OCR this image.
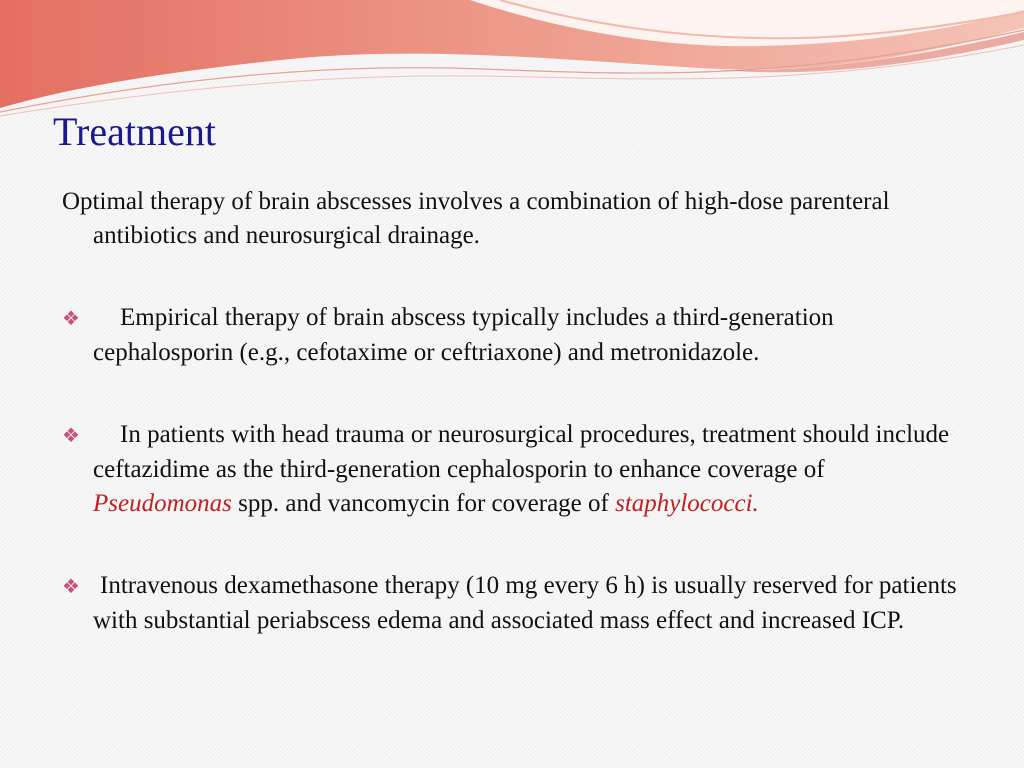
Treatment

Optimal therapy of brain abscesses involves a combination of high-dose parenteral antibiotics and neurosurgical drainage.

❖ Empirical therapy of brain abscess typically includes a third-generation cephalosporin (e.g., cefotaxime or ceftriaxone) and metronidazole.

❖ In patients with head trauma or neurosurgical procedures, treatment should include ceftazidime as the third-generation cephalosporin to enhance coverage of Pseudomonas spp. and vancomycin for coverage of staphylococci.

❖ Intravenous dexamethasone therapy (10 mg every 6 h) is usually reserved for patients with substantial periabscess edema and associated mass effect and increased ICP.
